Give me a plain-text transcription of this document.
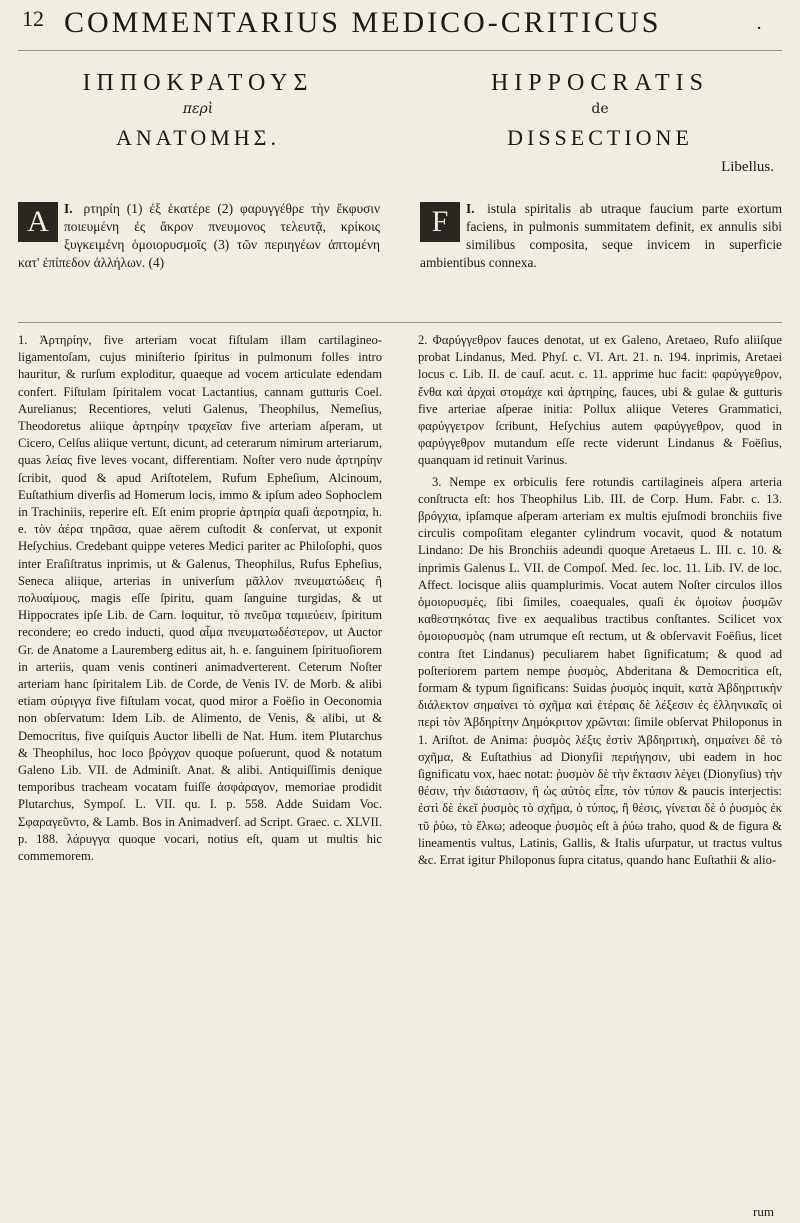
12 COMMENTARIUS MEDICO-CRITICUS	·

ΙΠΠΟΚΡΑΤΟΥΣ

περὶ

ΑΝΑΤΟΜΗΣ.

HIPPOCRATIS

de

DISSECTIONE

Libellus.

I.
Α	ρτηρίη (1) ἐξ ἑκατέρε (2) φαρυγγέθρε τὴν ἔκφυσιν ποιευμένη ἐς ἄκρον πνευμονος τελευτᾷ, κρίκοις ξυγκειμένη ὁμοιορυσμοῖς (3) τῶν περιηγέων ἁπτομένη κατ' ἐπίπεδον ἀλλήλων. (4)
I.
F	istula spiritalis ab utraque faucium parte exortum faciens, in pulmonis summitatem definit, ex annulis sibi similibus composita, seque invicem in superficie ambientibus connexa.

1. Ἀρτηρίην, five arteriam vocat fiſtulam illam cartilagineo-ligamentoſam, cujus miniſterio ſpiritus in pulmonum folles intro hauritur, & rurſum exploditur, quaeque ad vocem articulate edendam confert. Fiſtulam ſpiritalem vocat Lactantius, cannam gutturis Coel. Aurelianus; Recentiores, veluti Galenus, Theophilus, Nemeſius, Theodoretus aliique ἀρτηρίην τραχεῖαν five arteriam aſperam, ut Cicero, Celſus aliique vertunt, dicunt, ad ceterarum nimirum arteriarum, quas λείας five leves vocant, differentiam. Noſter vero nude ἀρτηρίην ſcribit, quod & apud Ariſtotelem, Rufum Epheſium, Alcinoum, Euſtathium diverſis ad Homerum locis, immo & ipſum adeo Sophoclem in Trachiniis, reperire eſt. Eſt enim proprie ἀρτηρία quaſi ἀεροτηρία, h. e. τὸν ἀέρα τηρᾶσα, quae aërem cuſtodit & conſervat, ut exponit Heſychius. Credebant quippe veteres Medici pariter ac Philoſophi, quos inter Eraſiſtratus inprimis, ut & Galenus, Theophilus, Rufus Epheſius, Seneca aliique, arterias in univerſum μᾶλλον πνευματώδεις ἢ πολυαίμους, magis eſſe ſpiritu, quam ſanguine turgidas, & ut Hippocrates ipſe Lib. de Carn. loquitur, τὸ πνεῦμα ταμιεύειν, ſpiritum recondere; eo credo inducti, quod αἷμα πνευματωδέστερον, ut Auctor Gr. de Anatome a Lauremberg editus ait, h. e. ſanguinem ſpirituoſiorem in arteriis, quam venis contineri animadverterent. Ceterum Noſter arteriam hanc ſpiritalem Lib. de Corde, de Venis IV. de Morb. & alibi etiam σύριγγα five fiſtulam vocat, quod miror a Foëſio in Oeconomia non obſervatum: Idem Lib. de Alimento, de Venis, & alibi, ut & Democritus, five quiſquis Auctor libelli de Nat. Hum. item Plutarchus & Theophilus, hoc loco βρόγχον quoque poſuerunt, quod & notatum Galeno Lib. VII. de Adminiſt. Anat. & alibi. Antiquiſſimis denique temporibus tracheam vocatam fuiſſe ἀσφάραγον, memoriae prodidit Plutarchus, Sympoſ. L. VII. qu. I. p. 558. Adde Suidam Voc. Σφαραγεῦντο, & Lamb. Bos in Animadverſ. ad Script. Graec. c. XLVII. p. 188. λάρυγγα quoque vocari, notius eſt, quam ut multis hic commemorem.

2. Φαρύγγεθρον fauces denotat, ut ex Galeno, Aretaeo, Rufo aliiſque probat Lindanus, Med. Phyſ. c. VI. Art. 21. n. 194. inprimis, Aretaei locus c. Lib. II. de cauſ. acut. c. 11. apprime huc facit: φαρύγγεθρον, ἔνθα καὶ ἀρχαὶ στομάχε καὶ ἀρτηρίης, fauces, ubi & gulae & gutturis five arteriae aſperae initia: Pollux aliique Veteres Grammatici, φαρύγγετρον ſcribunt, Heſychius autem φαρύγγεθρον, quod in φαρύγγεθρον mutandum eſſe recte viderunt Lindanus & Foëſius, quanquam id retinuit Varinus.

3. Nempe ex orbiculis fere rotundis cartilagineis aſpera arteria conſtructa eſt: hos Theophilus Lib. III. de Corp. Hum. Fabr. c. 13. βρόγχια, ipſamque aſperam arteriam ex multis ejuſmodi bronchiis five circulis compoſitam eleganter cylindrum vocavit, quod & notatum Lindano: De his Bronchiis adeundi quoque Aretaeus L. III. c. 10. & inprimis Galenus L. VII. de Compoſ. Med. ſec. loc. 11. Lib. IV. de loc. Affect. locisque aliis quamplurimis. Vocat autem Noſter circulos illos ὁμοιορυσμὲς, ſibi ſimiles, coaequales, quaſi ἐκ ὁμοίων ῥυσμῶν καθεστηκότας five ex aequalibus tractibus conſtantes. Scilicet vox ὁμοιορυσμὸς (nam utrumque eſt rectum, ut & obſervavit Foëſius, licet contra ſtet Lindanus) peculiarem habet ſignificatum; & quod ad poſteriorem partem nempe ῥυσμὸς, Abderitana & Democritica eſt, formam & typum ſignificans: Suidas ῥυσμὸς inquit, κατὰ Ἀβδηριτικὴν διάλεκτον σημαίνει τὸ σχῆμα καὶ ἑτέραις δὲ λέξεσιν ἐς ἑλληνικαῖς οἱ περὶ τὸν Ἀβδηρίτην Δημόκριτον χρῶνται: ſimile obſervat Philoponus in 1. Ariſtot. de Anima: ῥυσμὸς λέξις ἐστὶν Ἀβδηριτικὴ, σημαίνει δὲ τὸ σχῆμα, & Euſtathius ad Dionyſii περιήγησιν, ubi eadem in hoc ſignificatu vox, haec notat: ῥυσμὸν δὲ τὴν ἔκτασιν λέγει (Dionyſius) τὴν θέσιν, τὴν διάστασιν, ἢ ὡς αὐτὸς εἶπε, τὸν τύπον & paucis interjectis: ἐστὶ δὲ ἐκεῖ ῥυσμὸς τὸ σχῆμα, ὁ τύπος, ἢ θέσις, γίνεται δὲ ὁ ῥυσμὸς ἐκ τῦ ῥύω, τὸ ἕλκω; adeoque ῥυσμὸς eſt à ῥύω traho, quod & de figura & lineamentis vultus, Latinis, Gallis, & Italis uſurpatur, ut tractus vultus &c. Errat igitur Philoponus ſupra citatus, quando hanc Euſtathii & alio-

rum
